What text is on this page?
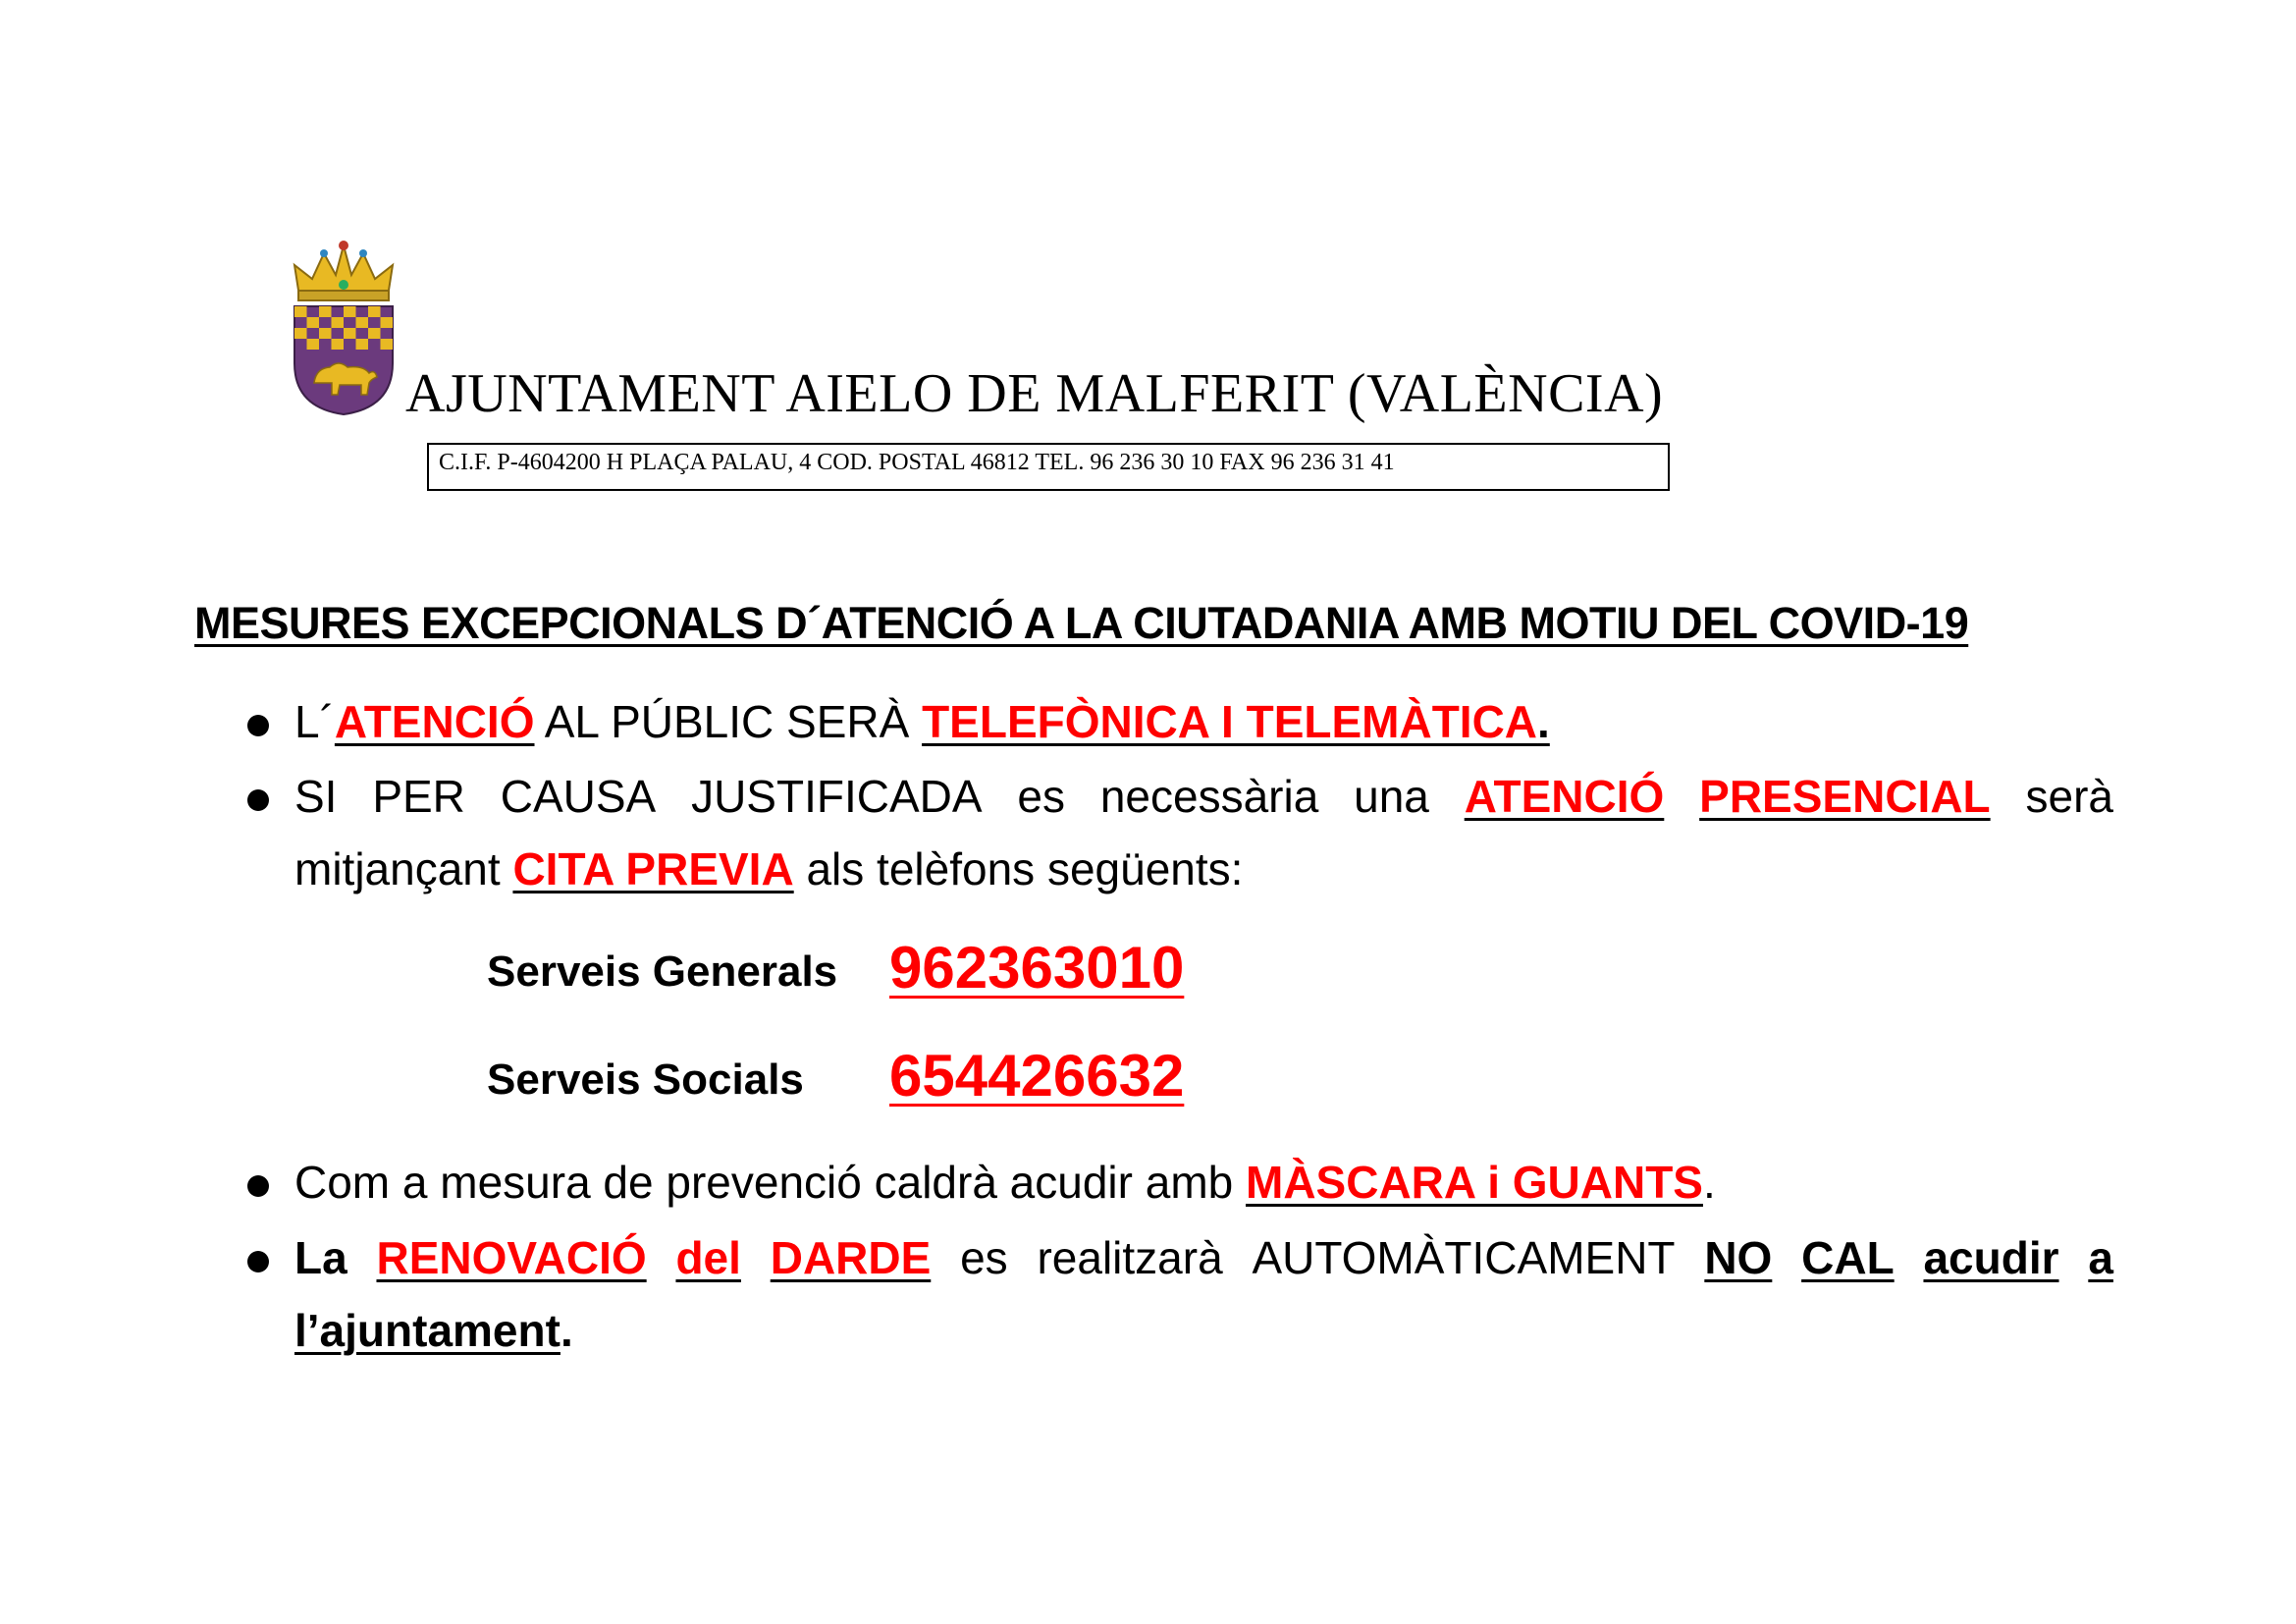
AJUNTAMENT AIELO DE MALFERIT (VALÈNCIA)
C.I.F. P-4604200 H PLAÇA PALAU, 4 COD. POSTAL 46812 TEL. 96 236 30 10 FAX 96 236 31 41
MESURES EXCEPCIONALS D´ATENCIÓ A LA CIUTADANIA AMB MOTIU DEL COVID-19
L´ATENCIÓ AL PÚBLIC SERÀ TELEFÒNICA I TELEMÀTICA.
SI PER CAUSA JUSTIFICADA es necessària una ATENCIÓ PRESENCIAL serà
mitjançant CITA PREVIA als telèfons següents:
Serveis Generals 962363010
Serveis Socials 654426632
Com a mesura de prevenció caldrà acudir amb MÀSCARA i GUANTS.
La RENOVACIÓ del DARDE es realitzarà AUTOMÀTICAMENT NO CAL acudir a
l’ajuntament.
